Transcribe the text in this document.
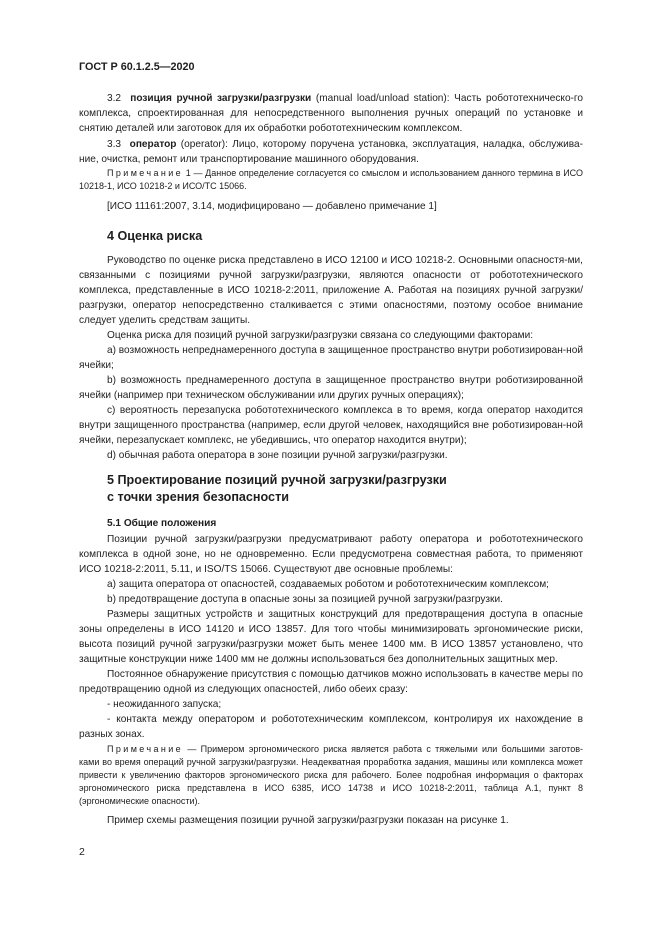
ГОСТ Р 60.1.2.5—2020

3.2 позиция ручной загрузки/разгрузки (manual load/unload station): Часть робототехническо-го комплекса, спроектированная для непосредственного выполнения ручных операций по установке и снятию деталей или заготовок для их обработки робототехническим комплексом.

3.3 оператор (operator): Лицо, которому поручена установка, эксплуатация, наладка, обслужива-ние, очистка, ремонт или транспортирование машинного оборудования.

Примечание 1 — Данное определение согласуется со смыслом и использованием данного термина в ИСО 10218-1, ИСО 10218-2 и ИСО/TC 15066.

[ИСО 11161:2007, 3.14, модифицировано — добавлено примечание 1]

4 Оценка риска

Руководство по оценке риска представлено в ИСО 12100 и ИСО 10218-2. Основными опасностя-ми, связанными с позициями ручной загрузки/разгрузки, являются опасности от робототехнического комплекса, представленные в ИСО 10218-2:2011, приложение А. Работая на позициях ручной загрузки/разгрузки, оператор непосредственно сталкивается с этими опасностями, поэтому особое внимание следует уделить средствам защиты.

Оценка риска для позиций ручной загрузки/разгрузки связана со следующими факторами:

а) возможность непреднамеренного доступа в защищенное пространство внутри роботизирован-ной ячейки;

b) возможность преднамеренного доступа в защищенное пространство внутри роботизированной ячейки (например при техническом обслуживании или других ручных операциях);

c) вероятность перезапуска робототехнического комплекса в то время, когда оператор находится внутри защищенного пространства (например, если другой человек, находящийся вне роботизирован-ной ячейки, перезапускает комплекс, не убедившись, что оператор находится внутри);

d) обычная работа оператора в зоне позиции ручной загрузки/разгрузки.

5 Проектирование позиций ручной загрузки/разгрузки
с точки зрения безопасности
5.1 Общие положения

Позиции ручной загрузки/разгрузки предусматривают работу оператора и робототехнического комплекса в одной зоне, но не одновременно. Если предусмотрена совместная работа, то применяют ИСО 10218-2:2011, 5.11, и ISO/TS 15066. Существуют две основные проблемы:

а) защита оператора от опасностей, создаваемых роботом и робототехническим комплексом;

b) предотвращение доступа в опасные зоны за позицией ручной загрузки/разгрузки.

Размеры защитных устройств и защитных конструкций для предотвращения доступа в опасные зоны определены в ИСО 14120 и ИСО 13857. Для того чтобы минимизировать эргономические риски, высота позиций ручной загрузки/разгрузки может быть менее 1400 мм. В ИСО 13857 установлено, что защитные конструкции ниже 1400 мм не должны использоваться без дополнительных защитных мер.

Постоянное обнаружение присутствия с помощью датчиков можно использовать в качестве меры по предотвращению одной из следующих опасностей, либо обеих сразу:

- неожиданного запуска;

- контакта между оператором и робототехническим комплексом, контролируя их нахождение в разных зонах.

Примечание — Примером эргономического риска является работа с тяжелыми или большими заготов-ками во время операций ручной загрузки/разгрузки. Неадекватная проработка задания, машины или комплекса может привести к увеличению факторов эргономического риска для рабочего. Более подробная информация о факторах эргономического риска представлена в ИСО 6385, ИСО 14738 и ИСО 10218-2:2011, таблица А.1, пункт 8 (эргономические опасности).

Пример схемы размещения позиции ручной загрузки/разгрузки показан на рисунке 1.

2
